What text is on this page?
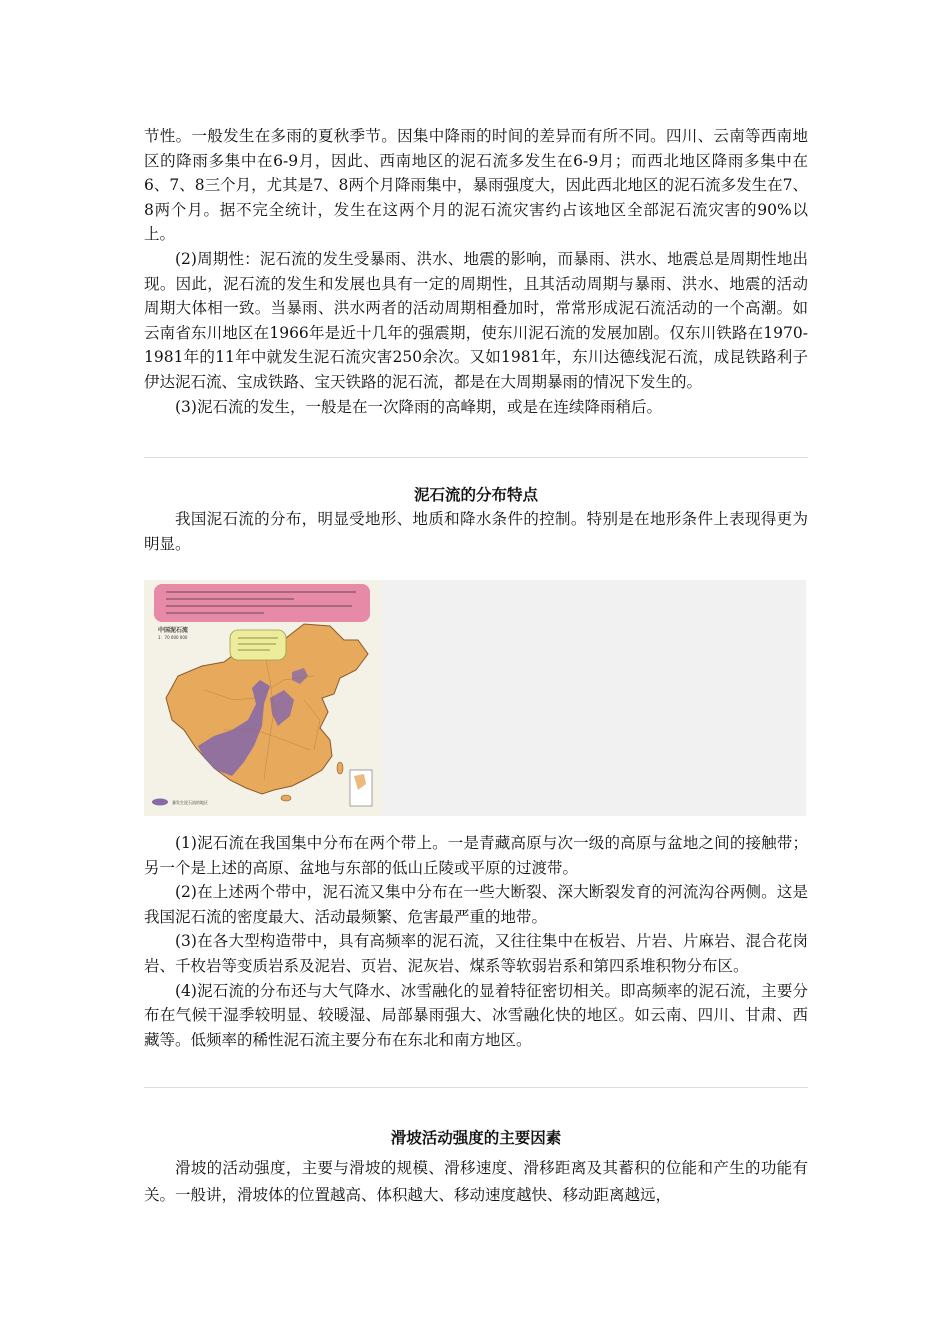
节性。一般发生在多雨的夏秋季节。因集中降雨的时间的差异而有所不同。四川、云南等西南地区的降雨多集中在6-9月，因此、西南地区的泥石流多发生在6-9月；而西北地区降雨多集中在6、7、8三个月，尤其是7、8两个月降雨集中，暴雨强度大，因此西北地区的泥石流多发生在7、8两个月。据不完全统计，发生在这两个月的泥石流灾害约占该地区全部泥石流灾害的90%以上。

(2)周期性：泥石流的发生受暴雨、洪水、地震的影响，而暴雨、洪水、地震总是周期性地出现。因此，泥石流的发生和发展也具有一定的周期性，且其活动周期与暴雨、洪水、地震的活动周期大体相一致。当暴雨、洪水两者的活动周期相叠加时，常常形成泥石流活动的一个高潮。如云南省东川地区在1966年是近十几年的强震期，使东川泥石流的发展加剧。仅东川铁路在1970-1981年的11年中就发生泥石流灾害250余次。又如1981年，东川达德线泥石流，成昆铁路利子伊达泥石流、宝成铁路、宝天铁路的泥石流，都是在大周期暴雨的情况下发生的。

(3)泥石流的发生，一般是在一次降雨的高峰期，或是在连续降雨稍后。

泥石流的分布特点

我国泥石流的分布，明显受地形、地质和降水条件的控制。特别是在地形条件上表现得更为明显。

中国泥石流
1：70 000 000
暴发生泥石流的地区

(1)泥石流在我国集中分布在两个带上。一是青藏高原与次一级的高原与盆地之间的接触带；另一个是上述的高原、盆地与东部的低山丘陵或平原的过渡带。

(2)在上述两个带中，泥石流又集中分布在一些大断裂、深大断裂发育的河流沟谷两侧。这是我国泥石流的密度最大、活动最频繁、危害最严重的地带。

(3)在各大型构造带中，具有高频率的泥石流，又往往集中在板岩、片岩、片麻岩、混合花岗岩、千枚岩等变质岩系及泥岩、页岩、泥灰岩、煤系等软弱岩系和第四系堆积物分布区。

(4)泥石流的分布还与大气降水、冰雪融化的显着特征密切相关。即高频率的泥石流，主要分布在气候干湿季较明显、较暖湿、局部暴雨强大、冰雪融化快的地区。如云南、四川、甘肃、西藏等。低频率的稀性泥石流主要分布在东北和南方地区。

滑坡活动强度的主要因素

滑坡的活动强度，主要与滑坡的规模、滑移速度、滑移距离及其蓄积的位能和产生的功能有关。一般讲，滑坡体的位置越高、体积越大、移动速度越快、移动距离越远，
